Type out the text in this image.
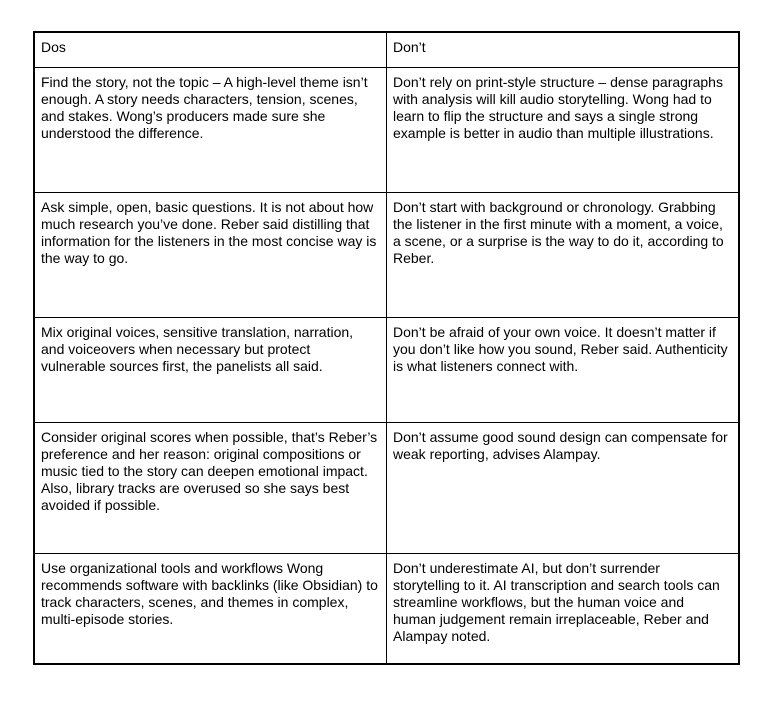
Dos	Don’t
Find the story, not the topic – A high-level theme isn’t enough. A story needs characters, tension, scenes, and stakes. Wong’s producers made sure she understood the difference.	Don’t rely on print-style structure – dense paragraphs with analysis will kill audio storytelling. Wong had to learn to flip the structure and says a single strong example is better in audio than multiple illustrations.
Ask simple, open, basic questions. It is not about how much research you’ve done. Reber said distilling that information for the listeners in the most concise way is the way to go.	Don’t start with background or chronology. Grabbing the listener in the first minute with a moment, a voice, a scene, or a surprise is the way to do it, according to Reber.
Mix original voices, sensitive translation, narration, and voiceovers when necessary but protect vulnerable sources first, the panelists all said.	Don’t be afraid of your own voice. It doesn’t matter if you don’t like how you sound, Reber said. Authenticity is what listeners connect with.
Consider original scores when possible, that’s Reber’s preference and her reason: original compositions or music tied to the story can deepen emotional impact. Also, library tracks are overused so she says best avoided if possible.	Don’t assume good sound design can compensate for weak reporting, advises Alampay.
Use organizational tools and workflows Wong recommends software with backlinks (like Obsidian) to track characters, scenes, and themes in complex, multi-episode stories.	Don’t underestimate AI, but don’t surrender storytelling to it. AI transcription and search tools can streamline workflows, but the human voice and human judgement remain irreplaceable, Reber and Alampay noted.
